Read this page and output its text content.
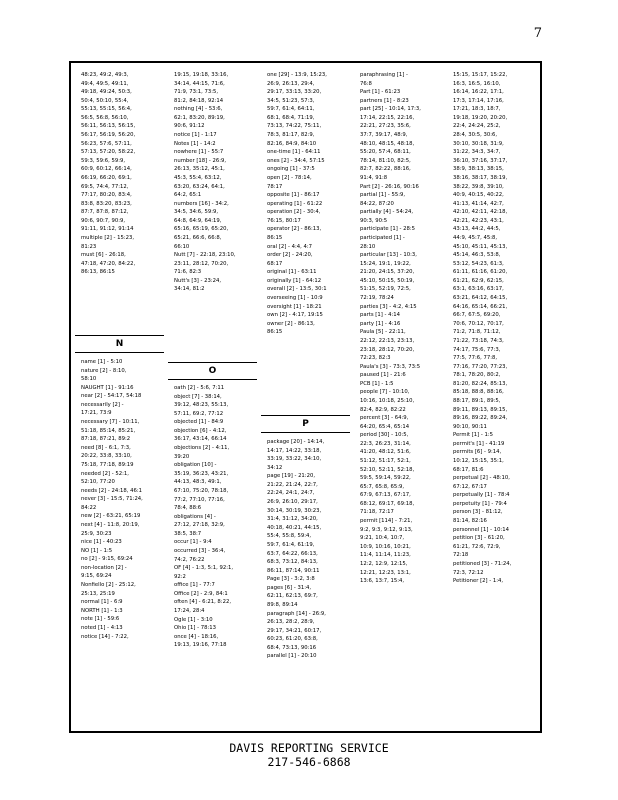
7
48:23, 49:2, 49:3,
49:4, 49:5, 49:11,
49:18, 49:24, 50:3,
50:4, 50:10, 55:4,
55:13, 55:15, 56:4,
56:5, 56:8, 56:10,
56:11, 56:13, 56:15,
56:17, 56:19, 56:20,
56:23, 57:6, 57:11,
57:13, 57:20, 58:22,
59:3, 59:6, 59:9,
60:9, 60:12, 66:14,
66:19, 66:20, 69:1,
69:5, 74:4, 77:12,
77:17, 80:20, 83:4,
83:8, 83:20, 83:23,
87:7, 87:8, 87:12,
90:6, 90:7, 90:9,
91:11, 91:12, 91:14
multiple [2] - 15:23,
81:23
must [6] - 26:18,
47:18, 47:20, 84:22,
86:13, 86:15
N
name [1] - 5:10
nature [2] - 8:10,
58:10
NAUGHT [1] - 91:16
near [2] - 54:17, 54:18
necessarily [2] -
17:21, 73:9
necessary [7] - 10:11,
51:18, 85:14, 85:21,
87:18, 87:21, 89:2
need [8] - 6:1, 7:3,
20:22, 33:8, 33:10,
75:18, 77:18, 89:19
needed [2] - 52:1,
52:10, 77:20
needs [2] - 24:18, 46:1
never [3] - 15:5, 71:24,
84:22
new [2] - 63:21, 65:19
next [4] - 11:8, 20:19,
25:9, 30:23
nice [1] - 40:23
NO [1] - 1:5
no [2] - 9:15, 69:24
non-location [2] -
9:15, 69:24
Nonfiello [2] - 25:12,
25:13, 25:19
normal [1] - 6:9
NORTH [1] - 1:3
note [1] - 59:6
noted [1] - 4:13
notice [14] - 7:22,
19:15, 19:18, 33:16,
34:14, 44:15, 71:6,
71:9, 73:1, 73:5,
81:2, 84:18, 92:14
nothing [4] - 53:6,
62:1, 83:20, 89:19,
90:6, 91:12
notice [1] - 1:17
Notes [1] - 14:2
nowhere [1] - 55:7
number [18] - 26:9,
26:13, 35:12, 45:1,
45:3, 55:4, 63:12,
63:20, 63:24, 64:1,
64:2, 65:1
numbers [16] - 34:2,
34:5, 34:6, 59:9,
64:8, 64:9, 64:19,
65:16, 65:19, 65:20,
65:21, 66:6, 66:8,
66:10
Nutt [7] - 22:18, 23:10,
23:11, 28:12, 70:20,
71:6, 82:3
Nutt's [3] - 23:24,
34:14, 81:2
O
oath [2] - 5:6, 7:11
object [7] - 38:14,
39:12, 48:23, 55:13,
57:11, 69:2, 77:12
objected [1] - 84:9
objection [6] - 4:12,
36:17, 43:14, 66:14
objections [2] - 4:11,
39:20
obligation [10] -
35:19, 36:23, 43:21,
44:13, 48:3, 49:1,
67:10, 75:20, 78:18,
77:2, 77:10, 77:16,
78:4, 88:6
obligations [4] -
27:12, 27:18, 32:9,
38:5, 38:7
occur [1] - 9:4
occurred [3] - 36:4,
74:2, 76:22
OF [4] - 1:3, 5:1, 92:1,
92:2
office [1] - 77:7
Office [2] - 2:9, 84:1
often [4] - 6:21, 8:22,
17:24, 28:4
Ogle [1] - 3:10
Ohio [1] - 78:13
once [4] - 18:16,
19:13, 19:16, 77:18
one [29] - 13:9, 15:23,
26:9, 26:13, 29:4,
29:17, 33:13, 33:20,
34:5, 51:23, 57:3,
59:7, 61:4, 64:11,
68:1, 68:4, 71:19,
73:13, 74:22, 75:11,
78:3, 81:17, 82:9,
82:16, 84:9, 84:10
one-time [1] - 64:11
ones [2] - 34:4, 57:15
ongoing [1] - 37:5
open [2] - 78:14,
78:17
opposite [1] - 86:17
operating [1] - 61:22
operation [2] - 30:4,
76:15, 80:17
operator [2] - 86:13,
86:15
oral [2] - 4:4, 4:7
order [2] - 24:20,
68:17
original [1] - 63:11
originally [1] - 64:12
overall [2] - 13:5, 30:1
overseeing [1] - 10:9
oversight [1] - 18:21
own [2] - 4:17, 19:15
owner [2] - 86:13,
86:15
P
package [20] - 14:14,
14:17, 14:22, 33:18,
33:19, 33:22, 34:10,
34:12
page [19] - 21:20,
21:22, 21:24, 22:7,
22:24, 24:1, 24:7,
26:9, 26:10, 29:17,
30:14, 30:19, 30:23,
31:4, 31:12, 34:20,
40:18, 40:21, 44:15,
55:4, 55:8, 59:4,
59:7, 61:4, 61:19,
63:7, 64:22, 66:13,
68:3, 73:12, 84:13,
86:11, 87:14, 90:11
Page [3] - 3:2, 3:8
pages [6] - 31:4,
62:11, 62:13, 69:7,
89:8, 89:14
paragraph [14] - 26:9,
26:13, 28:2, 28:9,
29:17, 34:21, 60:17,
60:23, 61:20, 63:8,
68:4, 73:13, 90:16
parallel [1] - 20:10
paraphrasing [1] -
76:8
Part [1] - 61:23
partners [1] - 8:23
part [25] - 10:14, 17:3,
17:14, 22:15, 22:16,
22:21, 27:23, 35:6,
37:7, 39:17, 48:9,
48:10, 48:15, 48:18,
55:20, 57:4, 68:11,
78:14, 81:10, 82:5,
82:7, 82:22, 88:16,
91:4, 91:8
Part [2] - 26:16, 90:16
partial [1] - 55:9,
84:22, 87:20
partially [4] - 54:24,
90:3, 90:5
participate [1] - 28:5
participated [1] -
28:10
particular [13] - 10:3,
15:24, 19:1, 19:22,
21:20, 24:15, 37:20,
45:10, 50:15, 50:19,
51:15, 52:19, 72:5,
72:19, 78:24
parties [3] - 4:2, 4:15
parts [1] - 4:14
party [1] - 4:16
Paula [5] - 22:11,
22:12, 22:13, 23:13,
23:18, 28:12, 70:20,
72:23, 82:3
Paula's [3] - 73:3, 73:5
paused [1] - 21:6
PCB [1] - 1:5
people [7] - 10:10,
10:16, 10:18, 25:10,
82:4, 82:9, 82:22
percent [3] - 64:9,
64:20, 65:4, 65:14
period [30] - 10:5,
22:3, 26:23, 31:14,
41:20, 48:12, 51:6,
51:12, 51:17, 52:1,
52:10, 52:11, 52:18,
59:5, 59:14, 59:22,
65:7, 65:8, 65:9,
67:9, 67:13, 67:17,
68:12, 69:17, 69:18,
71:18, 72:17
permit [114] - 7:21,
9:2, 9:3, 9:12, 9:13,
9:21, 10:4, 10:7,
10:9, 10:16, 10:21,
11:4, 11:14, 11:23,
12:2, 12:9, 12:15,
12:21, 12:23, 13:1,
13:6, 13:7, 15:4,
15:15, 15:17, 15:22,
16:3, 16:5, 16:10,
16:14, 16:22, 17:1,
17:3, 17:14, 17:16,
17:21, 18:3, 18:7,
19:18, 19:20, 20:20,
22:4, 24:24, 25:2,
28:4, 30:5, 30:6,
30:10, 30:18, 31:9,
31:22, 34:3, 34:7,
36:10, 37:16, 37:17,
38:9, 38:13, 38:15,
38:16, 38:17, 38:19,
38:22, 39:8, 39:10,
40:9, 40:15, 40:22,
41:13, 41:14, 42:7,
42:10, 42:11, 42:18,
42:21, 42:23, 43:1,
43:13, 44:2, 44:5,
44:9, 45:7, 45:8,
45:10, 45:11, 45:13,
45:14, 46:3, 53:8,
53:12, 54:23, 61:3,
61:11, 61:16, 61:20,
61:21, 62:9, 62:15,
63:1, 63:16, 63:17,
63:21, 64:12, 64:15,
64:16, 65:14, 66:21,
66:7, 67:5, 69:20,
70:6, 70:12, 70:17,
71:2, 71:8, 71:12,
71:22, 73:18, 74:3,
74:17, 75:6, 77:3,
77:5, 77:6, 77:8,
77:16, 77:20, 77:23,
78:1, 78:20, 80:2,
81:20, 82:24, 85:13,
85:18, 88:8, 88:16,
88:17, 89:1, 89:5,
89:11, 89:13, 89:15,
89:16, 89:22, 89:24,
90:10, 90:11
Permit [1] - 1:5
permit's [1] - 41:19
permits [6] - 9:14,
10:12, 15:15, 35:1,
68:17, 81:6
perpetual [2] - 48:10,
67:12, 67:17
perpetually [1] - 78:4
perpetuity [1] - 79:4
person [3] - 81:12,
81:14, 82:16
personnel [1] - 10:14
petition [3] - 61:20,
61:21, 72:6, 72:9,
72:18
petitioned [3] - 71:24,
72:3, 72:12
Petitioner [2] - 1:4,
DAVIS REPORTING SERVICE
217-546-6868
